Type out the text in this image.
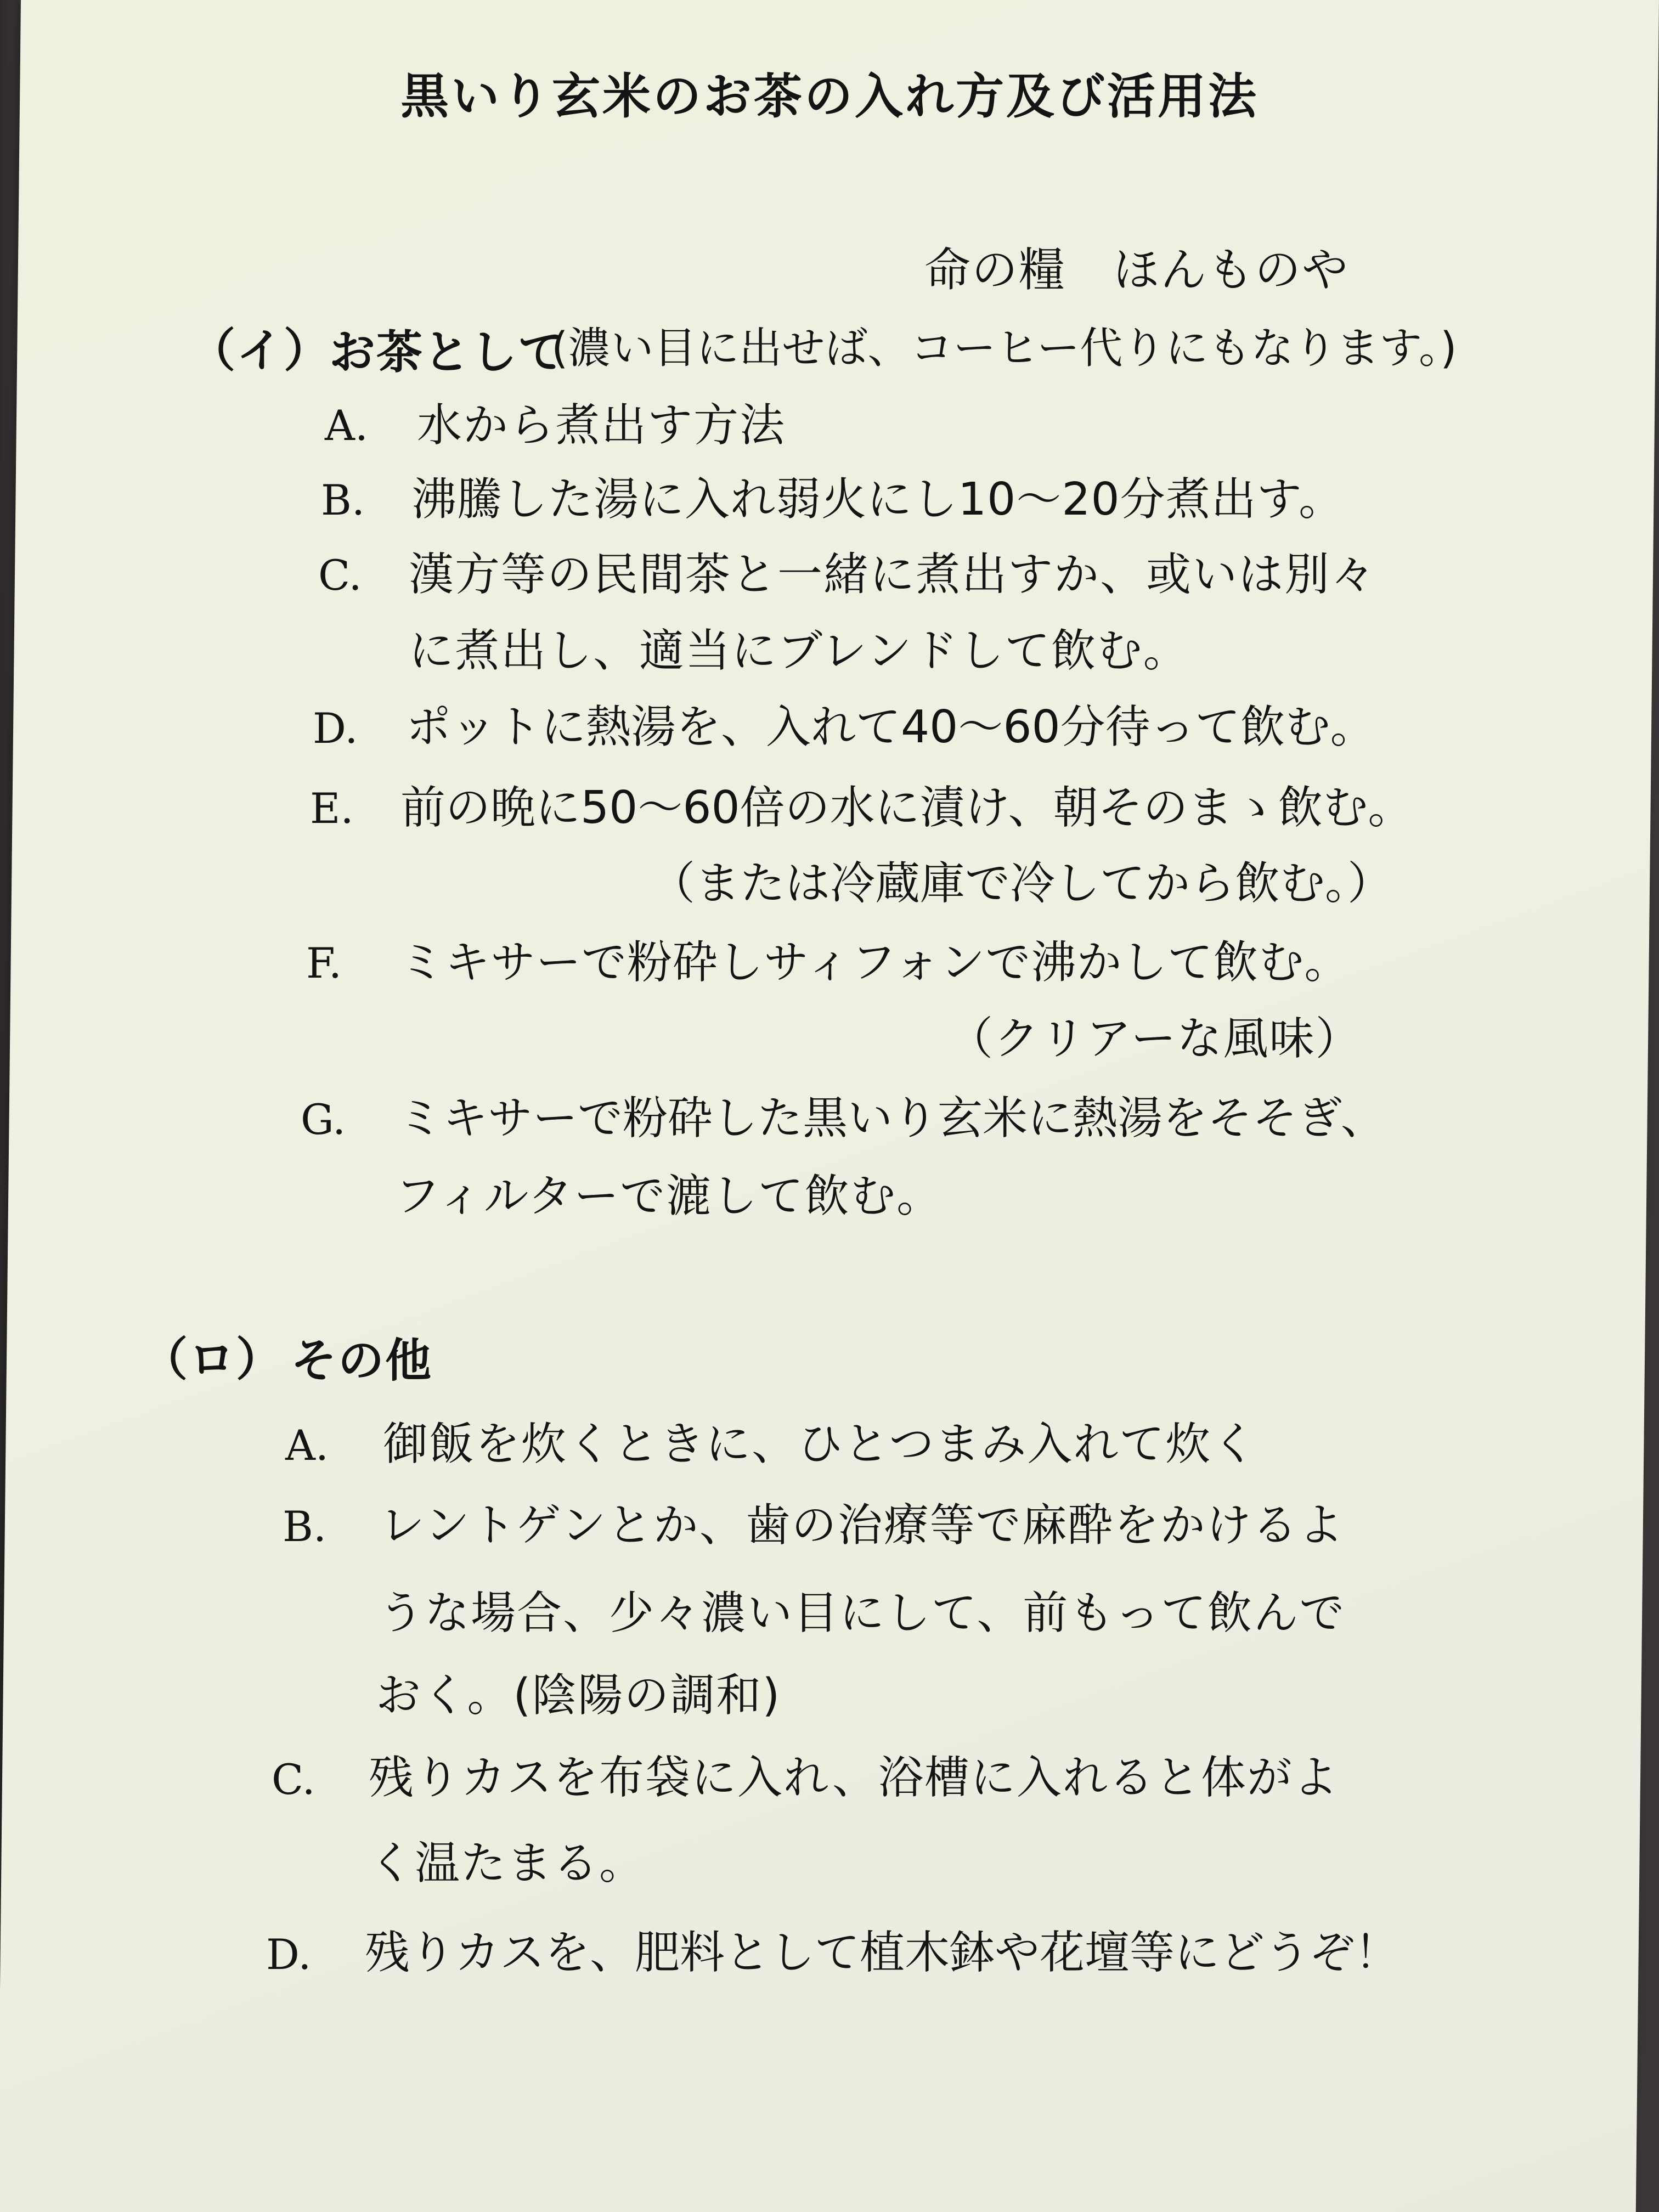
黒いり玄米のお茶の入れ方及び活用法
命の糧　ほんものや
（イ）
お茶として
(濃い目に出せば、コーヒー代りにもなります。)
A. 水から煮出す方法
B. 沸騰した湯に入れ弱火にし10～20分煮出す。
C. 漢方等の民間茶と一緒に煮出すか、或いは別々
に煮出し、適当にブレンドして飲む。
D. ポットに熱湯を、入れて40～60分待って飲む。
E. 前の晩に50～60倍の水に漬け、朝そのまゝ飲む。
（または冷蔵庫で冷してから飲む。）
F. ミキサーで粉砕しサィフォンで沸かして飲む。
（クリアーな風味）
G. ミキサーで粉砕した黒いり玄米に熱湯をそそぎ、
フィルターで漉して飲む。
（ロ） その他
A. 御飯を炊くときに、ひとつまみ入れて炊く
B. レントゲンとか、歯の治療等で麻酔をかけるよ
うな場合、少々濃い目にして、前もって飲んで
おく。(陰陽の調和)
C. 残りカスを布袋に入れ、浴槽に入れると体がよ
く温たまる。
D. 残りカスを、肥料として植木鉢や花壇等にどうぞ！
